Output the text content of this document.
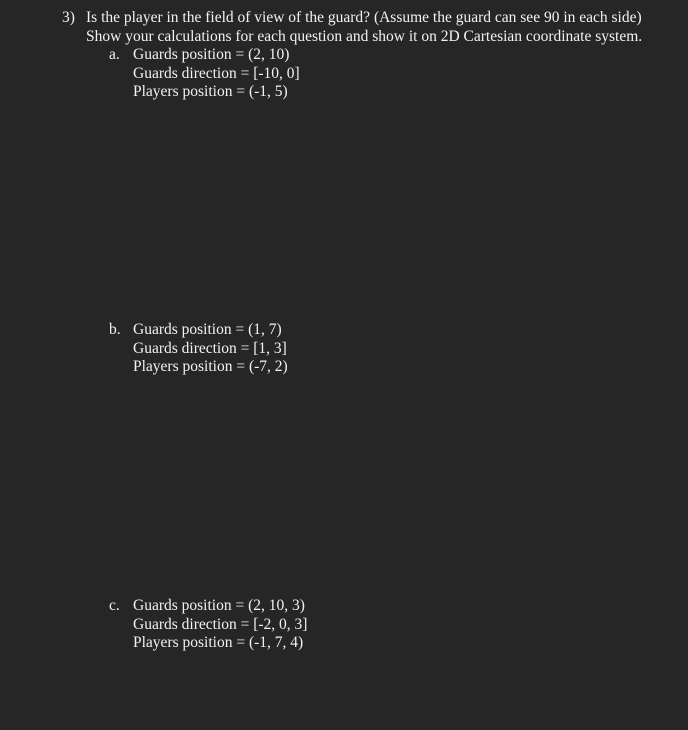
3) Is the player in the field of view of the guard? (Assume the guard can see 90 in each side)
Show your calculations for each question and show it on 2D Cartesian coordinate system.
a. Guards position = (2, 10)
Guards direction = [-10, 0]
Players position = (-1, 5)
b. Guards position = (1, 7)
Guards direction = [1, 3]
Players position = (-7, 2)
c. Guards position = (2, 10, 3)
Guards direction = [-2, 0, 3]
Players position = (-1, 7, 4)
